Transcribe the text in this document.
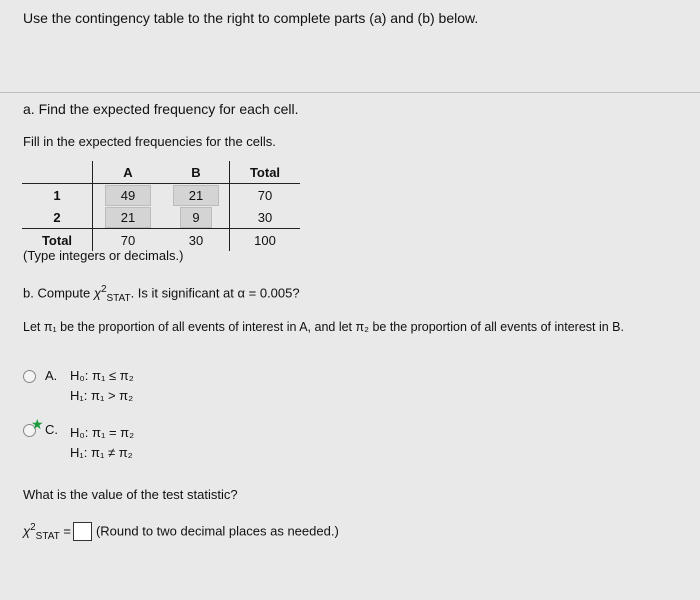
Use the contingency table to the right to complete parts (a) and (b) below.
a. Find the expected frequency for each cell.
Fill in the expected frequencies for the cells.
	A	B	Total
1	49	21	70
2	21	9	30
Total	70	30	100
(Type integers or decimals.)
b. Compute $\chi^2_{STAT}$. Is it significant at α = 0.005?
Let π₁ be the proportion of all events of interest in A, and let π₂ be the proportion of all events of interest in B.
A. H₀: π₁ ≤ π₂
H₁: π₁ > π₂
★ C. H₀: π₁ = π₂
H₁: π₁ ≠ π₂
What is the value of the test statistic?
$\chi^2_{STAT}$ = (Round to two decimal places as needed.)
